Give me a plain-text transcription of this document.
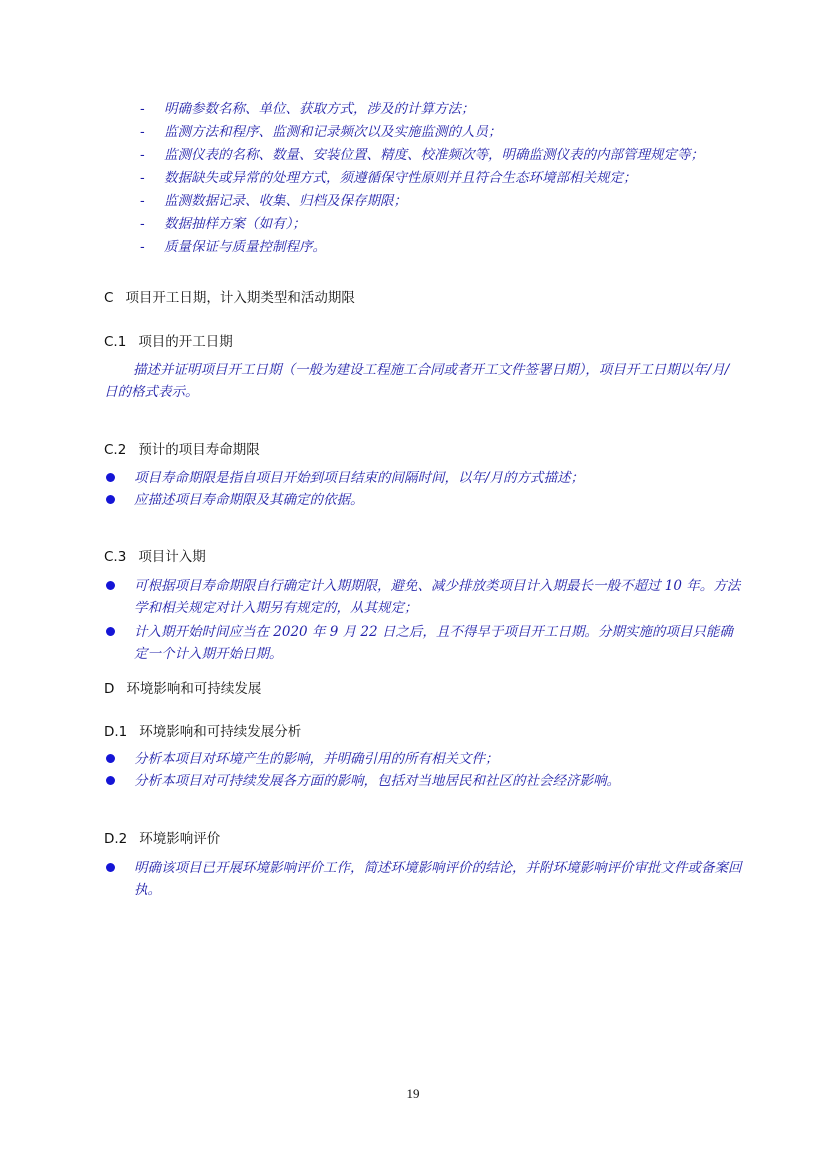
- 明确参数名称、单位、获取方式，涉及的计算方法；
- 监测方法和程序、监测和记录频次以及实施监测的人员；
- 监测仪表的名称、数量、安装位置、精度、校准频次等，明确监测仪表的内部管理规定等；
- 数据缺失或异常的处理方式，须遵循保守性原则并且符合生态环境部相关规定；
- 监测数据记录、收集、归档及保存期限；
- 数据抽样方案（如有）；
- 质量保证与质量控制程序。
C 项目开工日期，计入期类型和活动期限
C.1 项目的开工日期
描述并证明项目开工日期（一般为建设工程施工合同或者开工文件签署日期），项目开工日期以年/月/日的格式表示。
C.2 预计的项目寿命期限
项目寿命期限是指自项目开始到项目结束的间隔时间，以年/月的方式描述；
应描述项目寿命期限及其确定的依据。
C.3 项目计入期
可根据项目寿命期限自行确定计入期期限，避免、减少排放类项目计入期最长一般不超过 10 年。方法学和相关规定对计入期另有规定的，从其规定；
计入期开始时间应当在 2020 年 9 月 22 日之后，且不得早于项目开工日期。分期实施的项目只能确定一个计入期开始日期。
D 环境影响和可持续发展
D.1 环境影响和可持续发展分析
分析本项目对环境产生的影响，并明确引用的所有相关文件；
分析本项目对可持续发展各方面的影响，包括对当地居民和社区的社会经济影响。
D.2 环境影响评价
明确该项目已开展环境影响评价工作，简述环境影响评价的结论，并附环境影响评价审批文件或备案回执。
19
